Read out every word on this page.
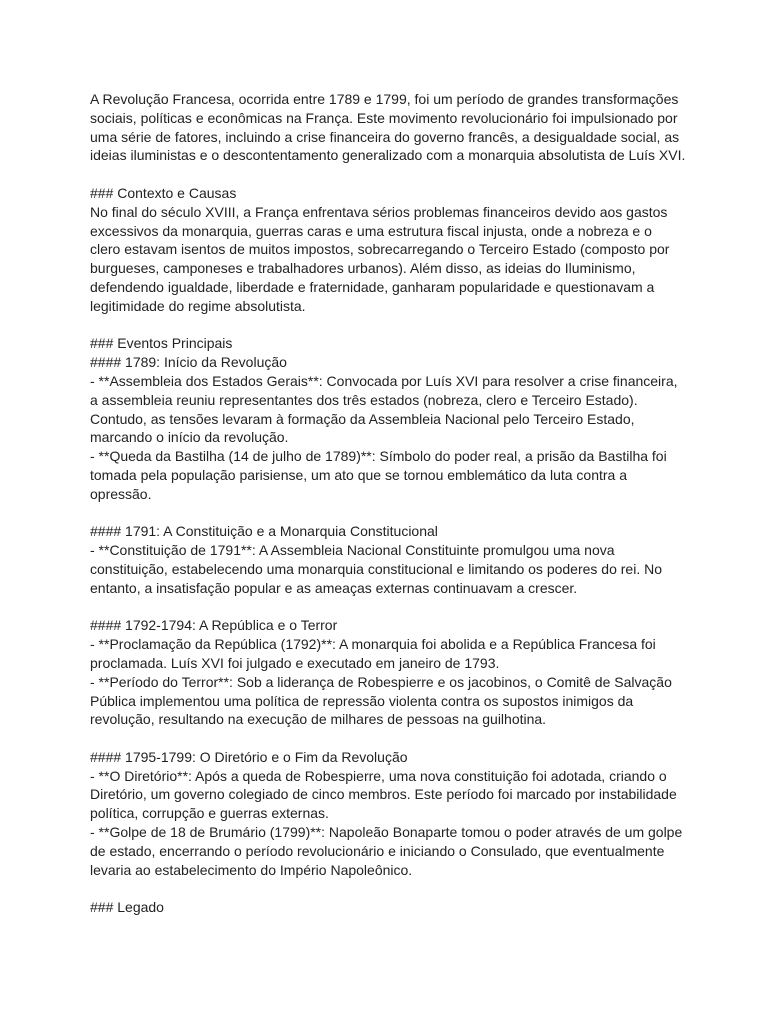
A Revolução Francesa, ocorrida entre 1789 e 1799, foi um período de grandes transformações
sociais, políticas e econômicas na França. Este movimento revolucionário foi impulsionado por
uma série de fatores, incluindo a crise financeira do governo francês, a desigualdade social, as
ideias iluministas e o descontentamento generalizado com a monarquia absolutista de Luís XVI.
### Contexto e Causas
No final do século XVIII, a França enfrentava sérios problemas financeiros devido aos gastos
excessivos da monarquia, guerras caras e uma estrutura fiscal injusta, onde a nobreza e o
clero estavam isentos de muitos impostos, sobrecarregando o Terceiro Estado (composto por
burgueses, camponeses e trabalhadores urbanos). Além disso, as ideias do Iluminismo,
defendendo igualdade, liberdade e fraternidade, ganharam popularidade e questionavam a
legitimidade do regime absolutista.
### Eventos Principais
#### 1789: Início da Revolução
- **Assembleia dos Estados Gerais**: Convocada por Luís XVI para resolver a crise financeira,
a assembleia reuniu representantes dos três estados (nobreza, clero e Terceiro Estado).
Contudo, as tensões levaram à formação da Assembleia Nacional pelo Terceiro Estado,
marcando o início da revolução.
- **Queda da Bastilha (14 de julho de 1789)**: Símbolo do poder real, a prisão da Bastilha foi
tomada pela população parisiense, um ato que se tornou emblemático da luta contra a
opressão.
#### 1791: A Constituição e a Monarquia Constitucional
- **Constituição de 1791**: A Assembleia Nacional Constituinte promulgou uma nova
constituição, estabelecendo uma monarquia constitucional e limitando os poderes do rei. No
entanto, a insatisfação popular e as ameaças externas continuavam a crescer.
#### 1792-1794: A República e o Terror
- **Proclamação da República (1792)**: A monarquia foi abolida e a República Francesa foi
proclamada. Luís XVI foi julgado e executado em janeiro de 1793.
- **Período do Terror**: Sob a liderança de Robespierre e os jacobinos, o Comitê de Salvação
Pública implementou uma política de repressão violenta contra os supostos inimigos da
revolução, resultando na execução de milhares de pessoas na guilhotina.
#### 1795-1799: O Diretório e o Fim da Revolução
- **O Diretório**: Após a queda de Robespierre, uma nova constituição foi adotada, criando o
Diretório, um governo colegiado de cinco membros. Este período foi marcado por instabilidade
política, corrupção e guerras externas.
- **Golpe de 18 de Brumário (1799)**: Napoleão Bonaparte tomou o poder através de um golpe
de estado, encerrando o período revolucionário e iniciando o Consulado, que eventualmente
levaria ao estabelecimento do Império Napoleônico.
### Legado
